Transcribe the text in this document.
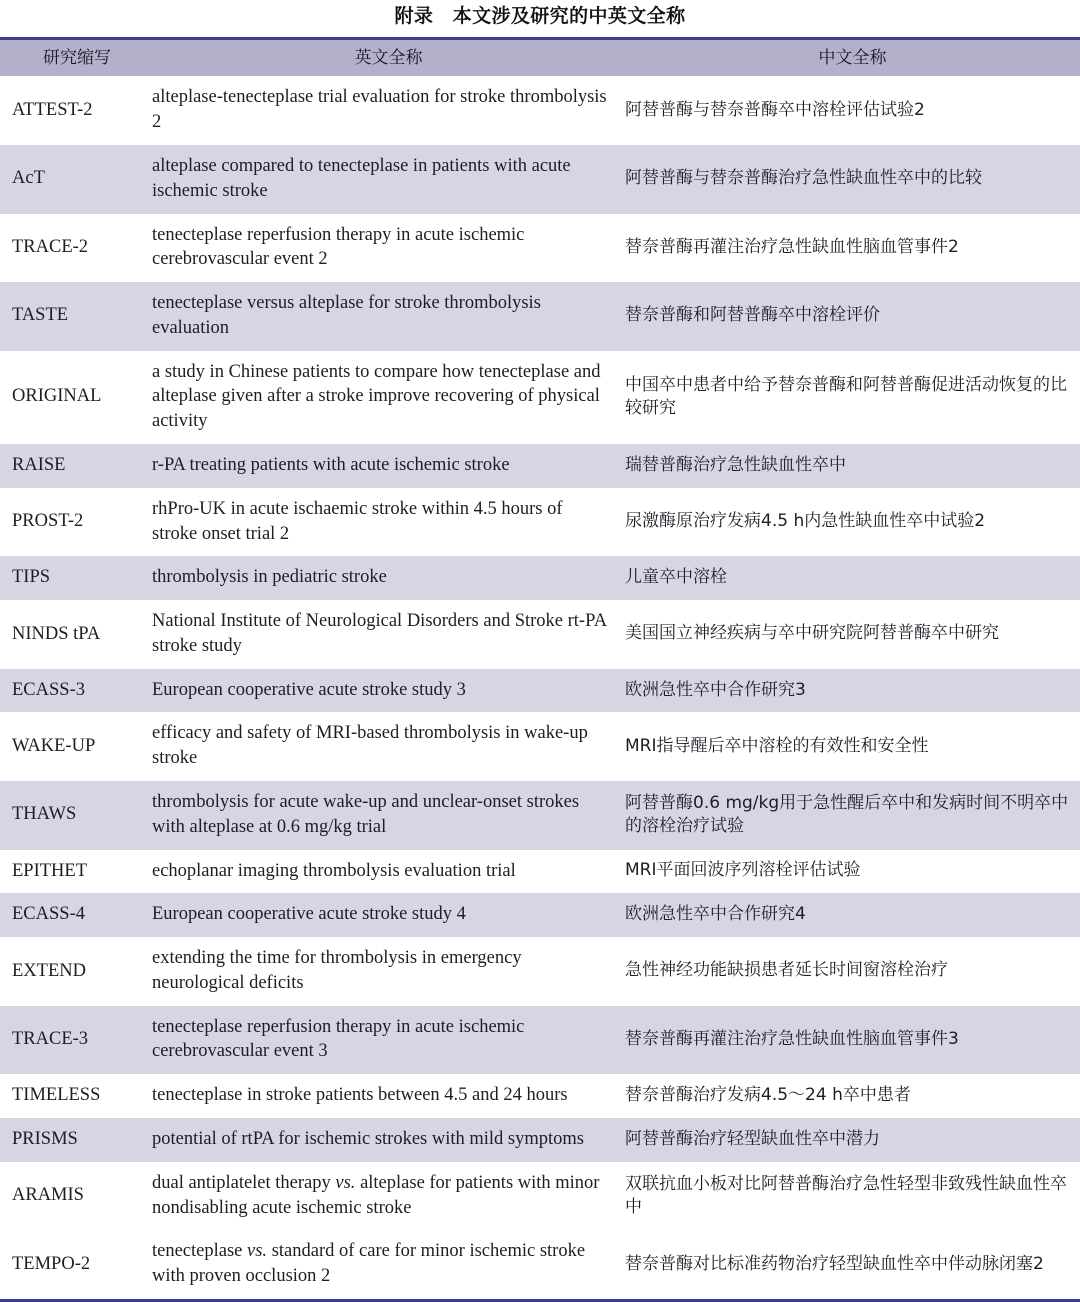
附录　本文涉及研究的中英文全称
研究缩写	英文全称	中文全称
ATTEST-2	alteplase-tenecteplase trial evaluation for stroke thrombolysis 2	阿替普酶与替奈普酶卒中溶栓评估试验2
AcT	alteplase compared to tenecteplase in patients with acute ischemic stroke	阿替普酶与替奈普酶治疗急性缺血性卒中的比较
TRACE-2	tenecteplase reperfusion therapy in acute ischemic cerebrovascular event 2	替奈普酶再灌注治疗急性缺血性脑血管事件2
TASTE	tenecteplase versus alteplase for stroke thrombolysis evaluation	替奈普酶和阿替普酶卒中溶栓评价
ORIGINAL	a study in Chinese patients to compare how tenecteplase and alteplase given after a stroke improve recovering of physical activity	中国卒中患者中给予替奈普酶和阿替普酶促进活动恢复的比较研究
RAISE	r-PA treating patients with acute ischemic stroke	瑞替普酶治疗急性缺血性卒中
PROST-2	rhPro-UK in acute ischaemic stroke within 4.5 hours of stroke onset trial 2	尿激酶原治疗发病4.5 h内急性缺血性卒中试验2
TIPS	thrombolysis in pediatric stroke	儿童卒中溶栓
NINDS tPA	National Institute of Neurological Disorders and Stroke rt-PA stroke study	美国国立神经疾病与卒中研究院阿替普酶卒中研究
ECASS-3	European cooperative acute stroke study 3	欧洲急性卒中合作研究3
WAKE-UP	efficacy and safety of MRI-based thrombolysis in wake-up stroke	MRI指导醒后卒中溶栓的有效性和安全性
THAWS	thrombolysis for acute wake-up and unclear-onset strokes with alteplase at 0.6 mg/kg trial	阿替普酶0.6 mg/kg用于急性醒后卒中和发病时间不明卒中的溶栓治疗试验
EPITHET	echoplanar imaging thrombolysis evaluation trial	MRI平面回波序列溶栓评估试验
ECASS-4	European cooperative acute stroke study 4	欧洲急性卒中合作研究4
EXTEND	extending the time for thrombolysis in emergency neurological deficits	急性神经功能缺损患者延长时间窗溶栓治疗
TRACE-3	tenecteplase reperfusion therapy in acute ischemic cerebrovascular event 3	替奈普酶再灌注治疗急性缺血性脑血管事件3
TIMELESS	tenecteplase in stroke patients between 4.5 and 24 hours	替奈普酶治疗发病4.5～24 h卒中患者
PRISMS	potential of rtPA for ischemic strokes with mild symptoms	阿替普酶治疗轻型缺血性卒中潜力
ARAMIS	dual antiplatelet therapy vs. alteplase for patients with minor nondisabling acute ischemic stroke	双联抗血小板对比阿替普酶治疗急性轻型非致残性缺血性卒中
TEMPO-2	tenecteplase vs. standard of care for minor ischemic stroke with proven occlusion 2	替奈普酶对比标准药物治疗轻型缺血性卒中伴动脉闭塞2
